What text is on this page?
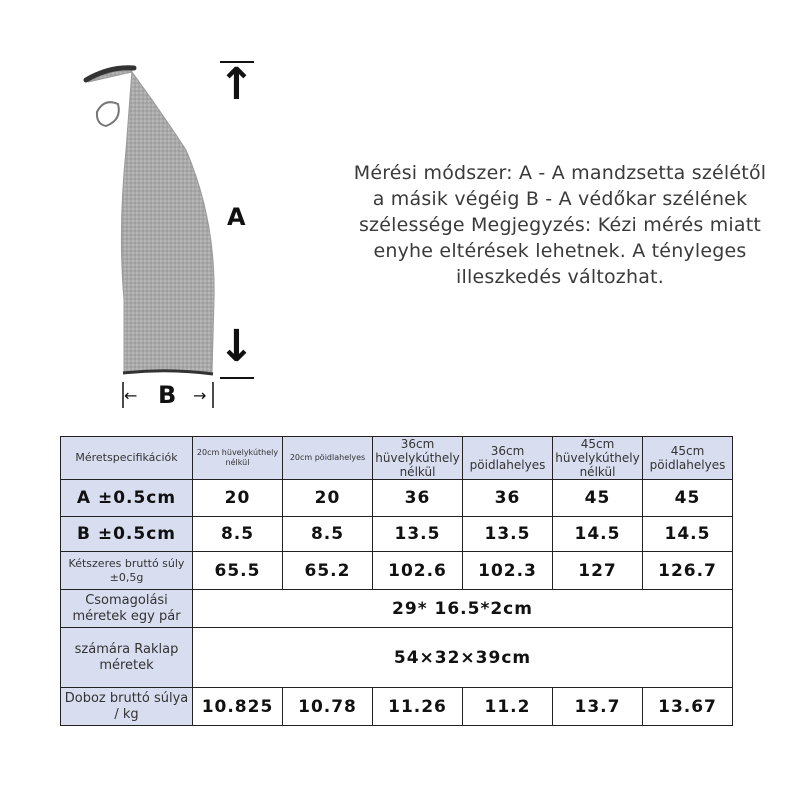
↑
↓
A
← B →
Mérési módszer: A - A mandzsetta szélétől a másik végéig B - A védőkar szélének szélessége Megjegyzés: Kézi mérés miatt enyhe eltérések lehetnek. A tényleges illeszkedés változhat.
Méretspecifikációk	20cm hüvelykúthely nélkül	20cm pöidlahelyes	36cm hüvelykúthely nélkül	36cm pöidlahelyes	45cm hüvelykúthely nélkül	45cm pöidlahelyes
A ±0.5cm	20	20	36	36	45	45
B ±0.5cm	8.5	8.5	13.5	13.5	14.5	14.5
Kétszeres bruttó súly ±0,5g	65.5	65.2	102.6	102.3	127	126.7
Csomagolási méretek egy pár	29* 16.5*2cm					
számára Raklap méretek	54×32×39cm					
Doboz bruttó súlya / kg	10.825	10.78	11.26	11.2	13.7	13.67
